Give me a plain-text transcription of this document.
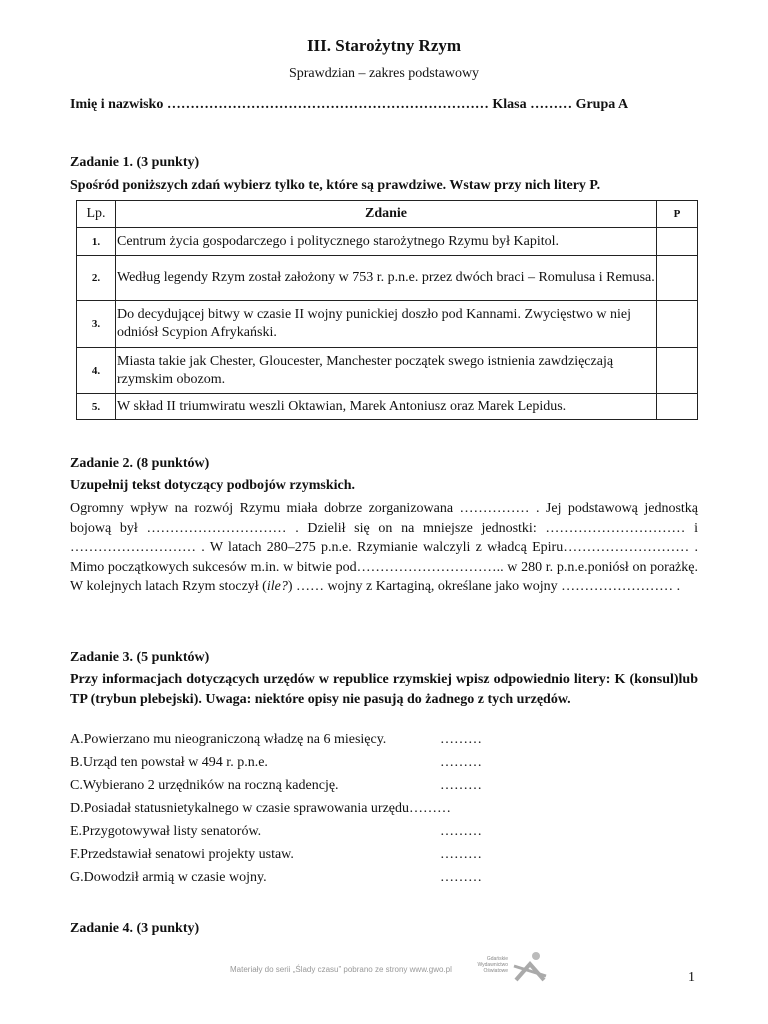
III. Starożytny Rzym
Sprawdzian – zakres podstawowy
Imię i nazwisko …………………………………………………………… Klasa ……… Grupa A
Zadanie 1. (3 punkty)
Spośród poniższych zdań wybierz tylko te, które są prawdziwe. Wstaw przy nich litery P.
Lp.	Zdanie	P
1.	Centrum życia gospodarczego i politycznego starożytnego Rzymu był Kapitol.	
2.	Według legendy Rzym został założony w 753 r. p.n.e. przez dwóch braci – Romulusa i Remusa.	
3.	Do decydującej bitwy w czasie II wojny punickiej doszło pod Kannami. Zwycięstwo w niej odniósł Scypion Afrykański.	
4.	Miasta takie jak Chester, Gloucester, Manchester początek swego istnienia zawdzięczają rzymskim obozom.	
5.	W skład II triumwiratu weszli Oktawian, Marek Antoniusz oraz Marek Lepidus.	
Zadanie 2. (8 punktów)
Uzupełnij tekst dotyczący podbojów rzymskich.
Ogromny wpływ na rozwój Rzymu miała dobrze zorganizowana …………… . Jej podstawową jednostką bojową był ………………………… . Dzielił się on na mniejsze jednostki: ………………………… i ……………………… . W latach 280–275 p.n.e. Rzymianie walczyli z władcą Epiru……………………… . Mimo początkowych sukcesów m.in. w bitwie pod………………………….. w 280 r. p.n.e.poniósł on porażkę. W kolejnych latach Rzym stoczył (ile?) …… wojny z Kartaginą, określane jako wojny …………………… .
Zadanie 3. (5 punktów)
Przy informacjach dotyczących urzędów w republice rzymskiej wpisz odpowiednio litery: K (konsul)lub TP (trybun plebejski). Uwaga: niektóre opisy nie pasują do żadnego z tych urzędów.
A.Powierzano mu nieograniczoną władzę na 6 miesięcy.	………
B.Urząd ten powstał w 494 r. p.n.e.	………
C.Wybierano 2 urzędników na roczną kadencję.	………
D.Posiadał statusnietykalnego w czasie sprawowania urzędu………
E.Przygotowywał listy senatorów.	………
F.Przedstawiał senatowi projekty ustaw.	………
G.Dowodził armią w czasie wojny.	………
Zadanie 4. (3 punkty)
Materiały do serii „Ślady czasu” pobrano ze strony www.gwo.pl
Gdańskie Wydawnictwo Oświatowe	1
